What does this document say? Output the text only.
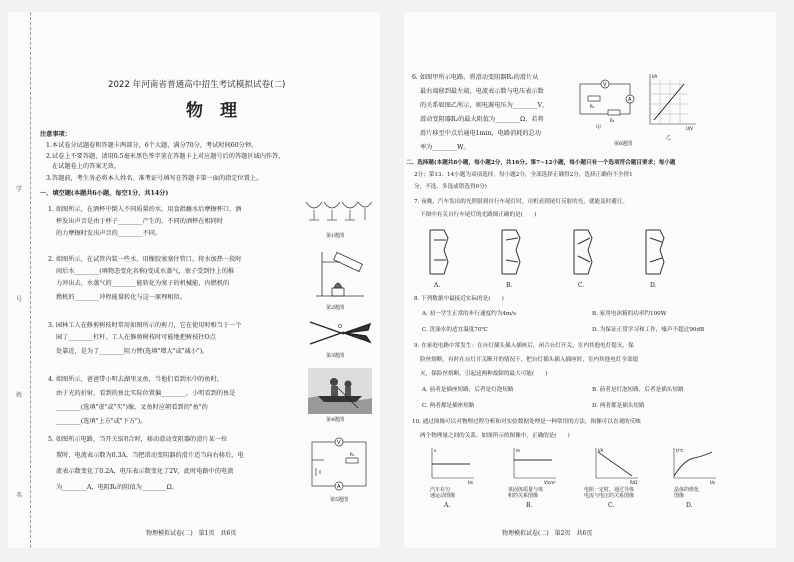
学
号
姓
名
2022 年河南省普通高中招生考试模拟试卷(二)
物　理
注意事项：
1.本试卷分试题卷和答题卡两部分，6个大题，满分70分，考试时间60分钟。
2.试卷上不要答题，请用0.5毫米黑色签字笔在答题卡上对应题号后的答题区域内作答，
在试题卷上的答案无效。
3.答题前，考生务必将本人姓名、准考证号填写在答题卡第一面的指定位置上。
一、填空题(本题共6小题，每空1分，共14分)
1. 如图所示，在酒杯中倒入不同质量的水，用食指蘸水后摩擦杯口，酒
杯发出声音是由于杯子________产生的，不同的酒杯在相同时
的力摩擦时发出声音的________不同。	第1题图
2. 如图所示，在试管内装一些水，用橡胶塞塞住管口，将水加热一段时
间后水________(填物态变化名称)变成水蒸气，塞子受到往上的推
力冲出去，水蒸气的________能转化为塞子的机械能，内燃机的
燃机的________冲程能量转化与这一原理相似。
第2题图
3. 园林工人在修剪树枝时常用如图所示的剪刀，它在使用时相当于一个
园丁________杠杆。工人在修剪树枝时可能地把树枝往O点
处靠近，是为了________阻力臂(选填"增大"或"减小")。
O
第3题图
4. 如图所示，爸爸带小明去湖里叉鱼，当他们看到水中的鱼时，
由于光的折射，看到的鱼比实际位置偏________，小明看到的鱼是
________(选填"虚"或"实")像，叉鱼时应朝看到的"鱼"的
________(选填"上方"或"下方")。	第4题图
5. 如图所示电路，当开关S闭合时，移动滑动变阻器的滑片某一位
置时，电流表示数为0.3A，当把滑动变阻器的滑片适当向右移后，电
流表示数变化了0.2A，电压表示数变化了2V，此时电路中的电流
为________A，电阻R₁的阻值为________Ω。
V
A
R₁
第5题图
物理模拟试卷(二)　第1页　共6页
6. 如图甲所示电路，将滑动变阻器R₂的滑片从
最右端移到最左端，电流表示数与电压表示数
的关系如图乙所示，则电源电压为________V，
滑动变阻器R₂的最大阻值为________Ω，若将
滑片移至中点后通电1min，电路消耗的总功
率为________W。
V
A
R₁
R₂
I/A
U/V
甲
乙
第6题图
二、选择题(本题共8小题，每小题2分，共16分。第7~12小题，每小题只有一个选项符合题目要求；每小题
2分；第13、14小题为双项选择，每小题2分，全部选择正确得2分，选择正确但不全得1
分，不选、多选或错选得0分)
7. 夜晚，汽车发出的光照射到自行车尾灯时，司机看到尾灯反射的光，就能及时避让。
下图中有关自行车尾灯的光路图正确的是(　　)
A.	B.	C.	D.
8. 下列数据中最接近实际的是(　　)
A. 初一学生正常的步行速度约为4m/s	B. 家用电冰箱的功率约100W
C. 洗澡水的适宜温度70℃	D. 为保证正常学习和工作，噪声不超过90dB
9. 在家庭电路中常发生：在台灯插头插入插座后，闭合台灯开关，室内其他电灯熄灭，保
险丝熔断。有时在台灯开关断开的情况下，把台灯插头插入插座时，室内其他电灯全部熄
灭，保险丝熔断。引起这两种故障的最大可能(　　)
A. 前者是插座短路，后者是灯泡短路	B. 前者是灯泡短路，后者是插头短路
C. 两者都是插座短路	D. 两者都是插头短路
10. 通过图像可以对物理过程分析和对实验数据处理是一种常用的方法，图像可以直观的反映
两个物理量之间的关系。如图所示的图像中，正确的是(　　)
v
t/s
m
V/cm³
I/A
R/Ω
t/℃
t/s
汽车在匀
速运动图像
某固体质量与体
积的关系图像
电阻一定时，通过导体
电流与电压的关系图像
晶体的熔化
图像
A.	B.	C.	D.
物理模拟试卷(二)　第2页　共6页
